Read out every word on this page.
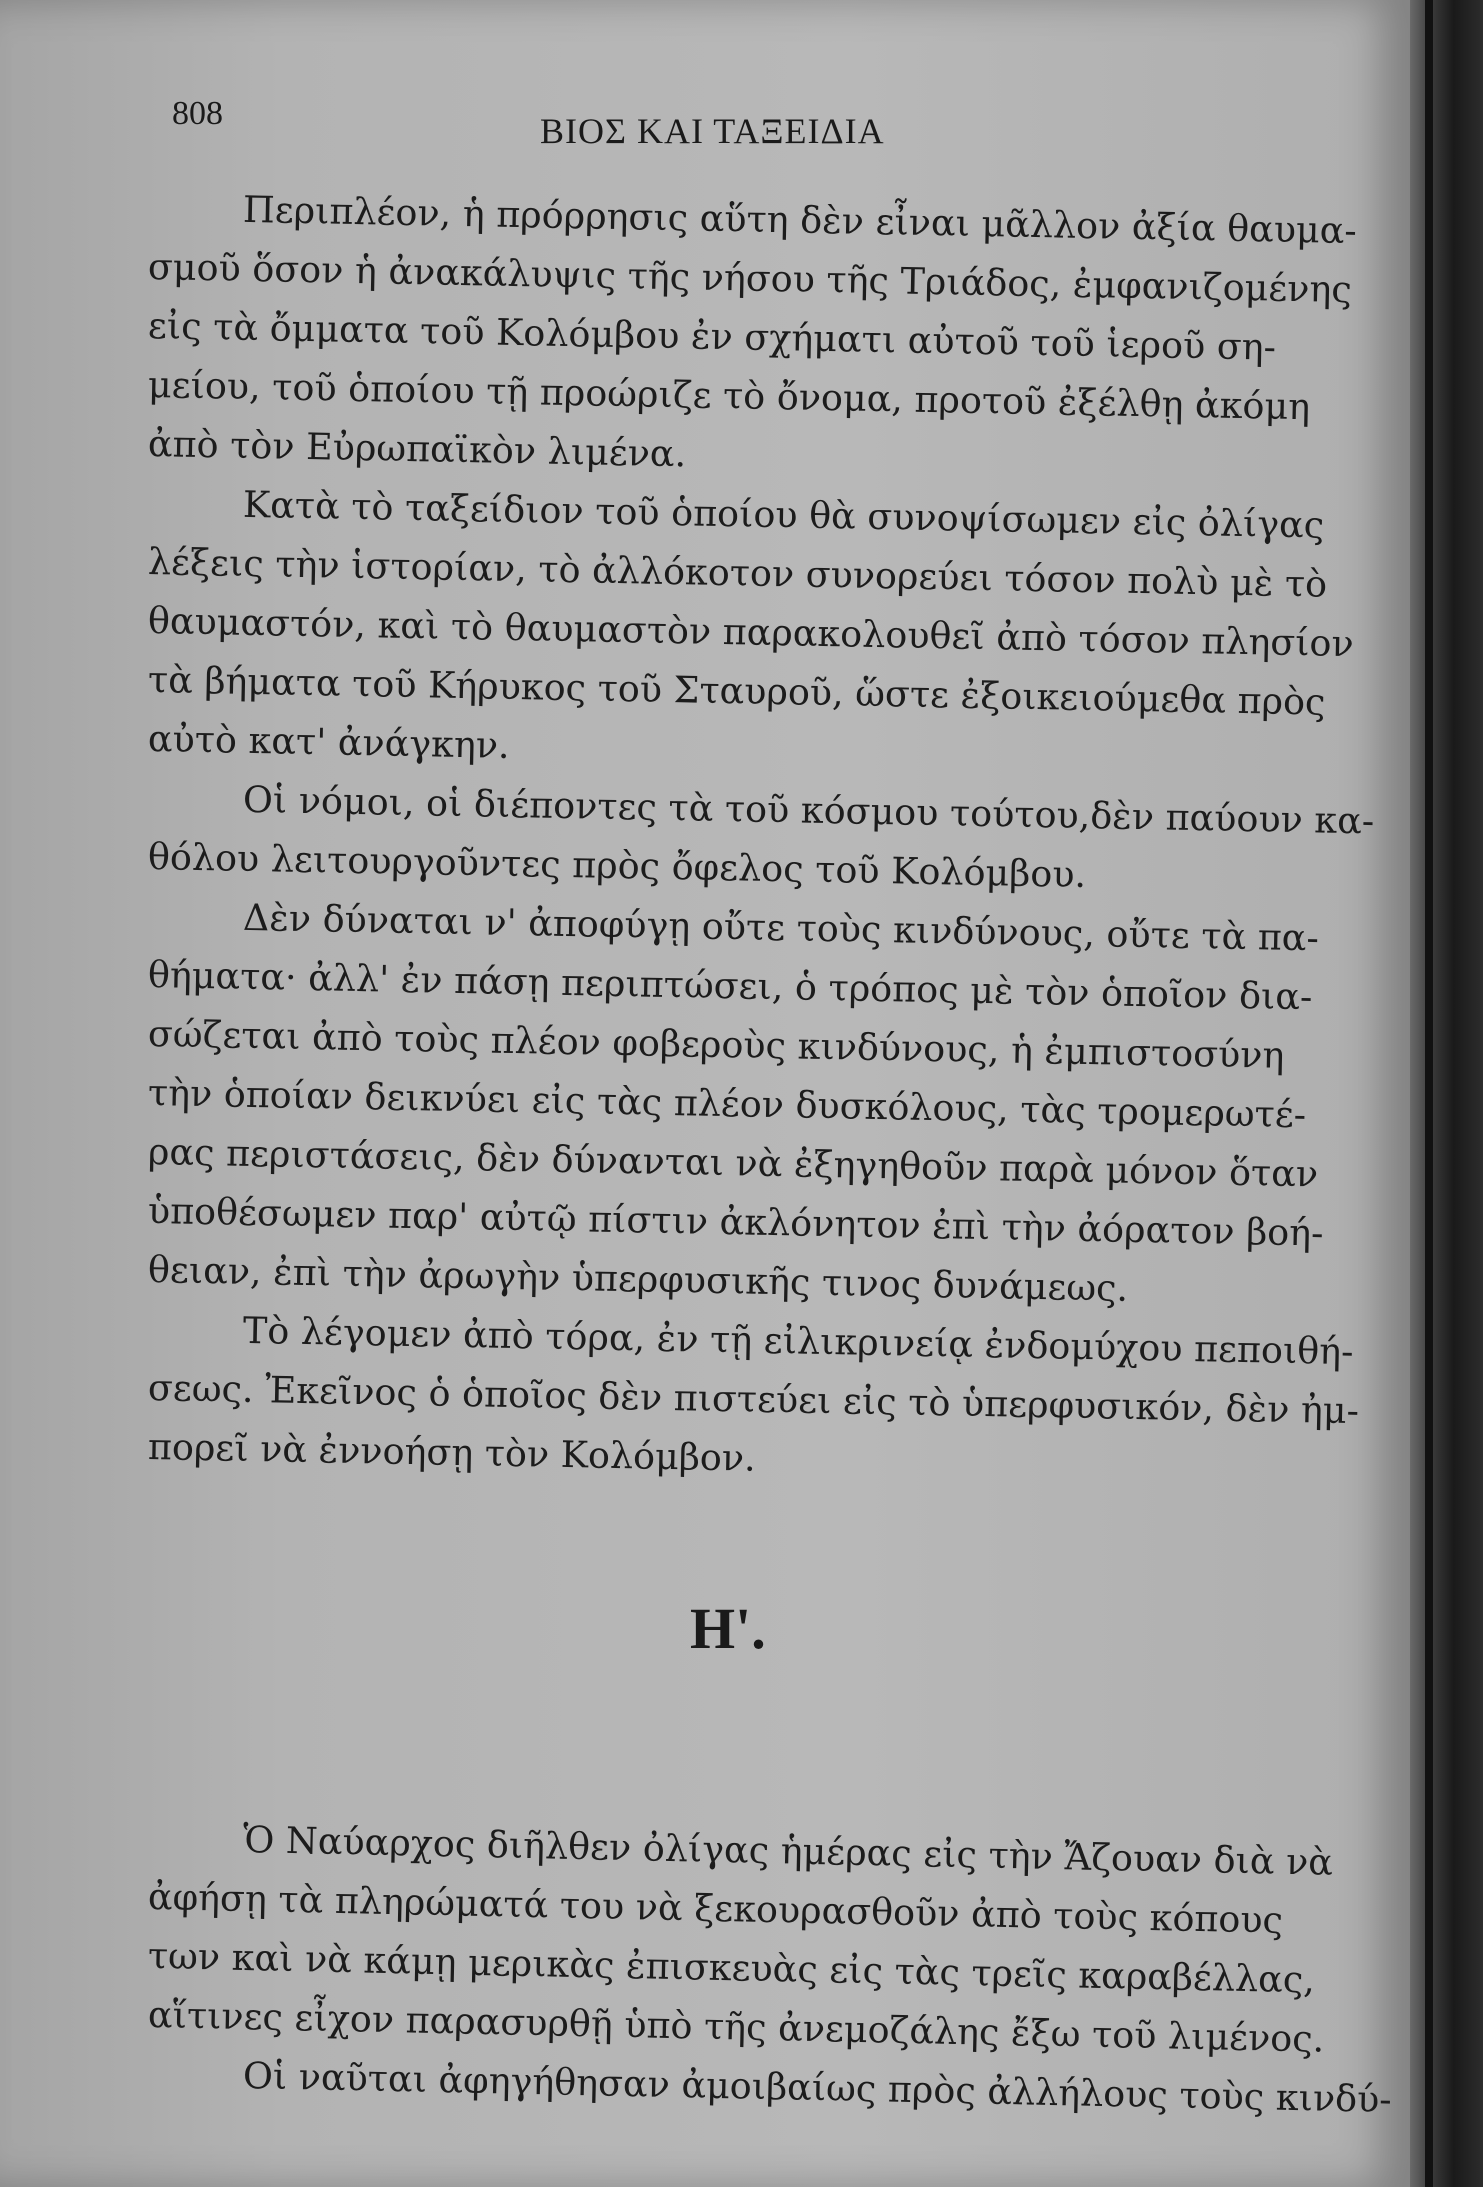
808	ΒΙΟΣ ΚΑΙ ΤΑΞΕΙΔΙΑ
Περιπλέον, ἡ πρόρρησις αὕτη δὲν εἶναι μᾶλλον ἀξία θαυμα-
σμοῦ ὅσον ἡ ἀνακάλυψις τῆς νήσου τῆς Τριάδος, ἐμφανιζομένης
εἰς τὰ ὄμματα τοῦ Κολόμβου ἐν σχήματι αὐτοῦ τοῦ ἱεροῦ ση-
μείου, τοῦ ὁποίου τῇ προώριζε τὸ ὄνομα, προτοῦ ἐξέλθῃ ἀκόμη
ἀπὸ τὸν Εὐρωπαϊκὸν λιμένα.
Κατὰ τὸ ταξείδιον τοῦ ὁποίου θὰ συνοψίσωμεν εἰς ὀλίγας
λέξεις τὴν ἱστορίαν, τὸ ἀλλόκοτον συνορεύει τόσον πολὺ μὲ τὸ
θαυμαστόν, καὶ τὸ θαυμαστὸν παρακολουθεῖ ἀπὸ τόσον πλησίον
τὰ βήματα τοῦ Κήρυκος τοῦ Σταυροῦ, ὥστε ἐξοικειούμεθα πρὸς
αὐτὸ κατ' ἀνάγκην.
Οἱ νόμοι, οἱ διέποντες τὰ τοῦ κόσμου τούτου,δὲν παύουν κα-
θόλου λειτουργοῦντες πρὸς ὄφελος τοῦ Κολόμβου.
Δὲν δύναται ν' ἀποφύγῃ οὔτε τοὺς κινδύνους, οὔτε τὰ πα-
θήματα· ἀλλ' ἐν πάσῃ περιπτώσει, ὁ τρόπος μὲ τὸν ὁποῖον δια-
σώζεται ἀπὸ τοὺς πλέον φοβεροὺς κινδύνους, ἡ ἐμπιστοσύνη
τὴν ὁποίαν δεικνύει εἰς τὰς πλέον δυσκόλους, τὰς τρομερωτέ-
ρας περιστάσεις, δὲν δύνανται νὰ ἐξηγηθοῦν παρὰ μόνον ὅταν
ὑποθέσωμεν παρ' αὐτῷ πίστιν ἀκλόνητον ἐπὶ τὴν ἀόρατον βοή-
θειαν, ἐπὶ τὴν ἀρωγὴν ὑπερφυσικῆς τινος δυνάμεως.
Τὸ λέγομεν ἀπὸ τόρα, ἐν τῇ εἰλικρινείᾳ ἐνδομύχου πεποιθή-
σεως. Ἐκεῖνος ὁ ὁποῖος δὲν πιστεύει εἰς τὸ ὑπερφυσικόν, δὲν ἠμ-
πορεῖ νὰ ἐννοήσῃ τὸν Κολόμβον.
Η'.
Ὁ Ναύαρχος διῆλθεν ὀλίγας ἡμέρας εἰς τὴν Ἄζουαν διὰ νὰ
ἀφήσῃ τὰ πληρώματά του νὰ ξεκουρασθοῦν ἀπὸ τοὺς κόπους
των καὶ νὰ κάμῃ μερικὰς ἐπισκευὰς εἰς τὰς τρεῖς καραβέλλας,
αἵτινες εἶχον παρασυρθῇ ὑπὸ τῆς ἀνεμοζάλης ἔξω τοῦ λιμένος.
Οἱ ναῦται ἀφηγήθησαν ἀμοιβαίως πρὸς ἀλλήλους τοὺς κινδύ-
